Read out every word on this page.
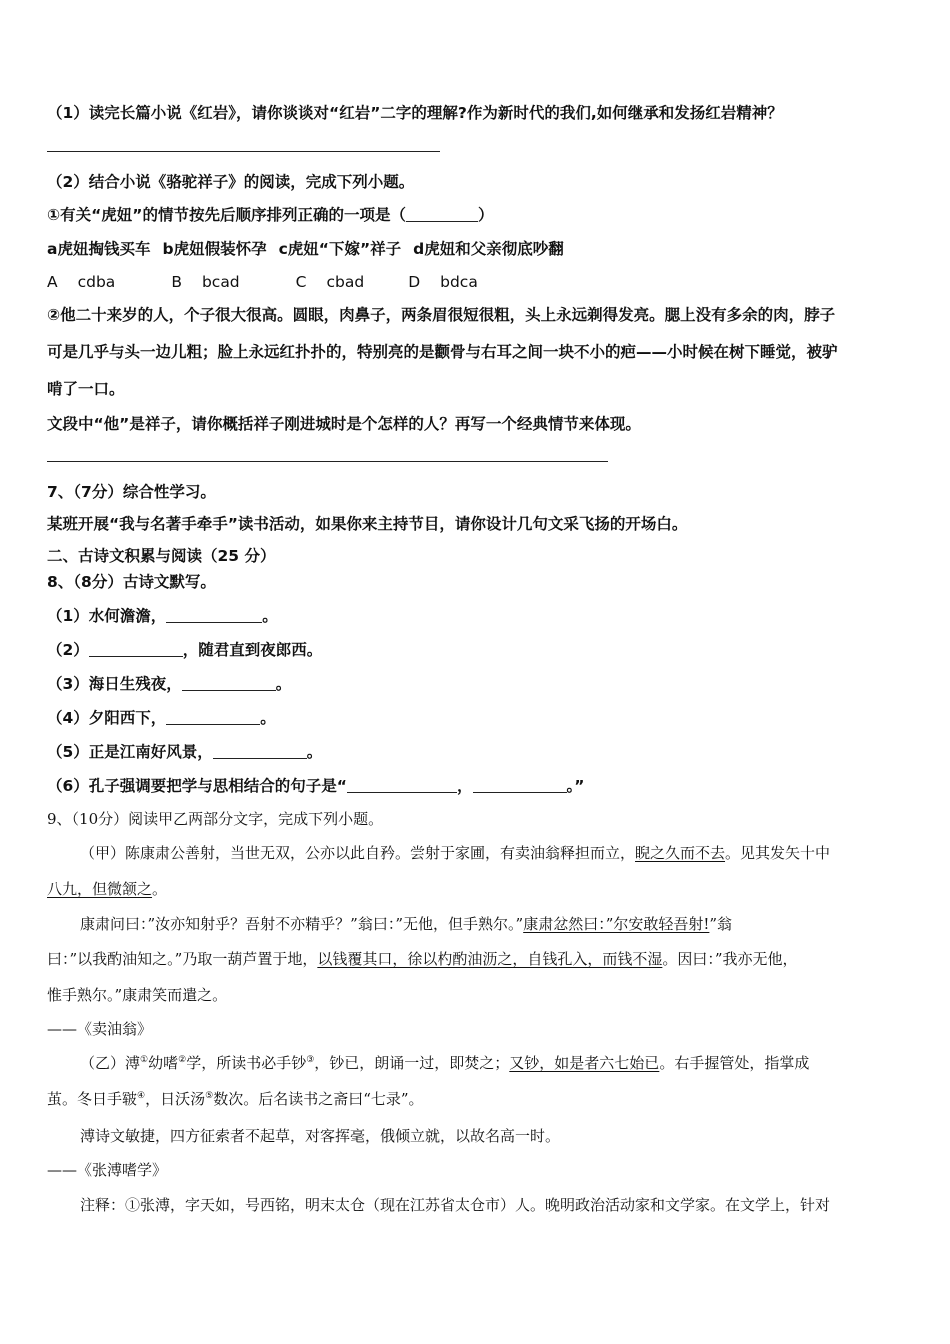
（1）读完长篇小说《红岩》，请你谈谈对“红岩”二字的理解?作为新时代的我们,如何继承和发扬红岩精神？
（2）结合小说《骆驼祥子》的阅读，完成下列小题。
①有关“虎妞”的情节按先后顺序排列正确的一项是（	）
a虎妞掏钱买车 b虎妞假装怀孕 c虎妞“下嫁”祥子 d虎妞和父亲彻底吵翻
A cdba	B bcad	C cbad	D bdca
②他二十来岁的人，个子很大很高。圆眼，肉鼻子，两条眉很短很粗，头上永远剃得发亮。腮上没有多余的肉，脖子
可是几乎与头一边儿粗；脸上永远红扑扑的，特别亮的是颧骨与右耳之间一块不小的疤——小时候在树下睡觉，被驴
啃了一口。
文段中“他”是祥子，请你概括祥子刚进城时是个怎样的人？再写一个经典情节来体现。
7、（7分）综合性学习。
某班开展“我与名著手牵手”读书活动，如果你来主持节目，请你设计几句文采飞扬的开场白。
二、古诗文积累与阅读（25 分）
8、（8分）古诗文默写。
（1）水何澹澹，	。
（2）	，随君直到夜郎西。
（3）海日生残夜，	。
（4）夕阳西下，	。
（5）正是江南好风景，	。
（6）孔子强调要把学与思相结合的句子是“	，	。”
9、（10分）阅读甲乙两部分文字，完成下列小题。
（甲）陈康肃公善射，当世无双，公亦以此自矜。尝射于家圃，有卖油翁释担而立，睨之久而不去。见其发矢十中
八九，但微颔之。
康肃问曰：”汝亦知射乎？吾射不亦精乎？”翁曰：”无他，但手熟尔。”康肃忿然曰：”尔安敢轻吾射!”翁
曰：”以我酌油知之。”乃取一葫芦置于地，以钱覆其口，徐以杓酌油沥之，自钱孔入，而钱不湿。因曰：”我亦无他，
惟手熟尔。”康肃笑而遣之。
——《卖油翁》
（乙）溥①幼嗜②学，所读书必手钞③，钞已，朗诵一过，即焚之；又钞，如是者六七始已。右手握管处，指掌成
茧。冬日手皲④，日沃汤⑤数次。后名读书之斋曰“七录”。
溥诗文敏捷，四方征索者不起草，对客挥毫，俄倾立就，以故名高一时。
——《张溥嗜学》
注释：①张溥，字天如，号西铭，明末太仓（现在江苏省太仓市）人。晚明政治活动家和文学家。在文学上，针对
